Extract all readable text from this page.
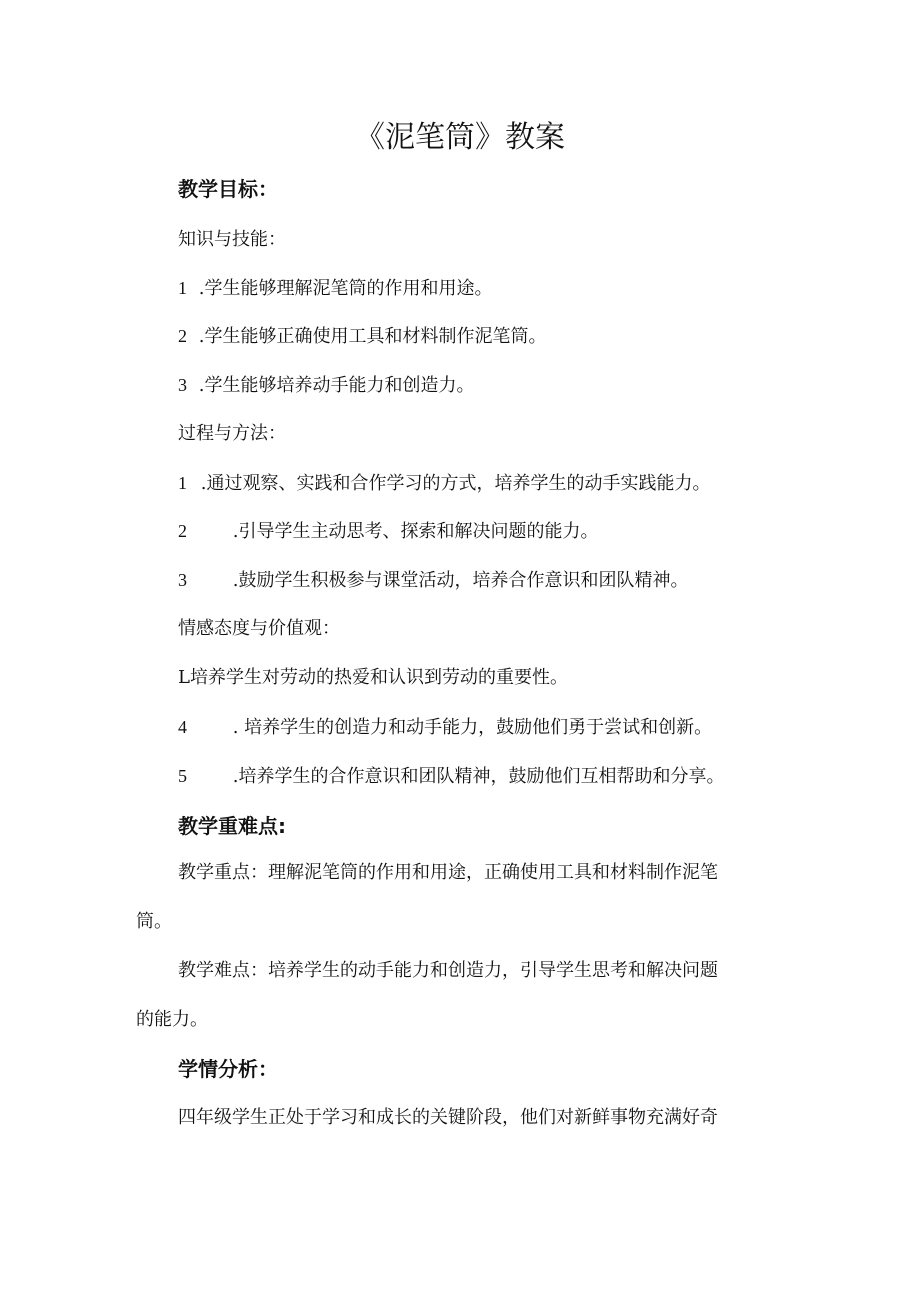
《泥笔筒》教案
教学目标：
知识与技能：
1 .学生能够理解泥笔筒的作用和用途。
2 .学生能够正确使用工具和材料制作泥笔筒。
3 .学生能够培养动手能力和创造力。
过程与方法：
1 .通过观察、实践和合作学习的方式，培养学生的动手实践能力。
2	.引导学生主动思考、探索和解决问题的能力。
3	.鼓励学生积极参与课堂活动，培养合作意识和团队精神。
情感态度与价值观：
L培养学生对劳动的热爱和认识到劳动的重要性。
4	. 培养学生的创造力和动手能力，鼓励他们勇于尝试和创新。
5	.培养学生的合作意识和团队精神，鼓励他们互相帮助和分享。
教学重难点:
教学重点：理解泥笔筒的作用和用途，正确使用工具和材料制作泥笔
筒。
教学难点：培养学生的动手能力和创造力，引导学生思考和解决问题
的能力。
学情分析：
四年级学生正处于学习和成长的关键阶段，他们对新鲜事物充满好奇
